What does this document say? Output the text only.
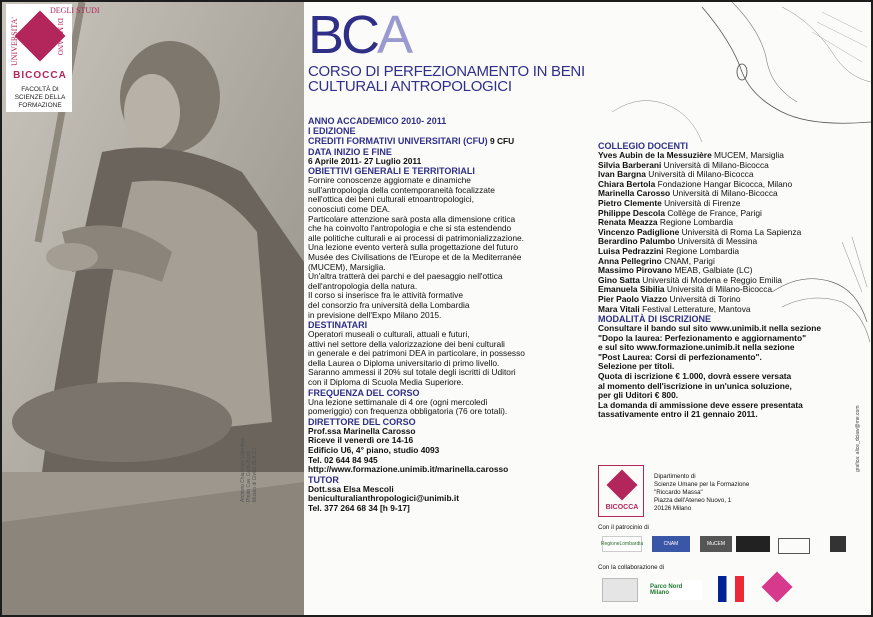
Archivio Chiarenza Valentina
Photo Cav. Carlo Bozzi
Museo di Civiltà (B.A.C.)
DEGLI STUDI
UNIVERSITA'	DI MILANO
BICOCCA
FACOLTÀ DI SCIENZE DELLA FORMAZIONE
BCA
CORSO DI PERFEZIONAMENTO IN BENI CULTURALI ANTROPOLOGICI
grafica: alice_dciaw@me.com
ANNO ACCADEMICO 2010- 2011
I EDIZIONE
CREDITI FORMATIVI UNIVERSITARI (CFU) 9 CFU
DATA INIZIO E FINE
6 Aprile 2011- 27 Luglio 2011
OBIETTIVI GENERALI E TERRITORIALI
Fornire conoscenze aggiornate e dinamiche
sull'antropologia della contemporaneità focalizzate
nell'ottica dei beni culturali etnoantropologici,
conosciuti come DEA.
Particolare attenzione sarà posta alla dimensione critica
che ha coinvolto l'antropologia e che si sta estendendo
alle politiche culturali e ai processi di patrimonializzazione.
Una lezione evento verterà sulla progettazione del futuro
Musée des Civilisations de l'Europe et de la Mediterranée
(MUCEM), Marsiglia.
Un'altra tratterà dei parchi e del paesaggio nell'ottica
dell'antropologia della natura.
Il corso si inserisce fra le attività formative
del consorzio fra università della Lombardia
in previsione dell'Expo Milano 2015.
DESTINATARI
Operatori museali o culturali, attuali e futuri,
attivi nel settore della valorizzazione dei beni culturali
in generale e dei patrimoni DEA in particolare, in possesso
della Laurea o Diploma universitario di primo livello.
Saranno ammessi il 20% sul totale degli iscritti di Uditori
con il Diploma di Scuola Media Superiore.
FREQUENZA DEL CORSO
Una lezione settimanale di 4 ore (ogni mercoledì
pomeriggio) con frequenza obbligatoria (76 ore totali).
DIRETTORE DEL CORSO
Prof.ssa Marinella Carosso
Riceve il venerdì ore 14-16
Edificio U6, 4° piano, studio 4093
Tel. 02 644 84 945
http://www.formazione.unimib.it/marinella.carosso
TUTOR
Dott.ssa Elsa Mescoli
beniculturalianthropologici@unimib.it
Tel. 377 264 68 34 [h 9-17]
COLLEGIO DOCENTI
Yves Aubin de la Messuzière MUCEM, Marsiglia
Silvia Barberani Università di Milano-Bicocca
Ivan Bargna Università di Milano-Bicocca
Chiara Bertola Fondazione Hangar Bicocca, Milano
Marinella Carosso Università di Milano-Bicocca
Pietro Clemente Università di Firenze
Philippe Descola Collège de France, Parigi
Renata Meazza Regione Lombardia
Vincenzo Padiglione Università di Roma La Sapienza
Berardino Palumbo Università di Messina
Luisa Pedrazzini Regione Lombardia
Anna Pellegrino CNAM, Parigi
Massimo Pirovano MEAB, Galbiate (LC)
Gino Satta Università di Modena e Reggio Emilia
Emanuela Sibilia Università di Milano-Bicocca
Pier Paolo Viazzo Università di Torino
Mara Vitali Festival Letterature, Mantova
MODALITÀ DI ISCRIZIONE
Consultare il bando sul sito www.unimib.it nella sezione
"Dopo la laurea: Perfezionamento e aggiornamento"
e sul sito www.formazione.unimib.it nella sezione
"Post Laurea: Corsi di perfezionamento".
Selezione per titoli.
Quota di iscrizione € 1.000, dovrà essere versata
al momento dell'iscrizione in un'unica soluzione,
per gli Uditori € 800.
La domanda di ammissione deve essere presentata
tassativamente entro il 21 gennaio 2011.
BICOCCA
Dipartimento di
Scienze Umane per la Formazione
"Riccardo Massa"
Piazza dell'Ateneo Nuovo, 1
20126 Milano
Con il patrocinio di
RegioneLombardia	CNAM	MuCEM
Con la collaborazione di
Parco Nord Milano
